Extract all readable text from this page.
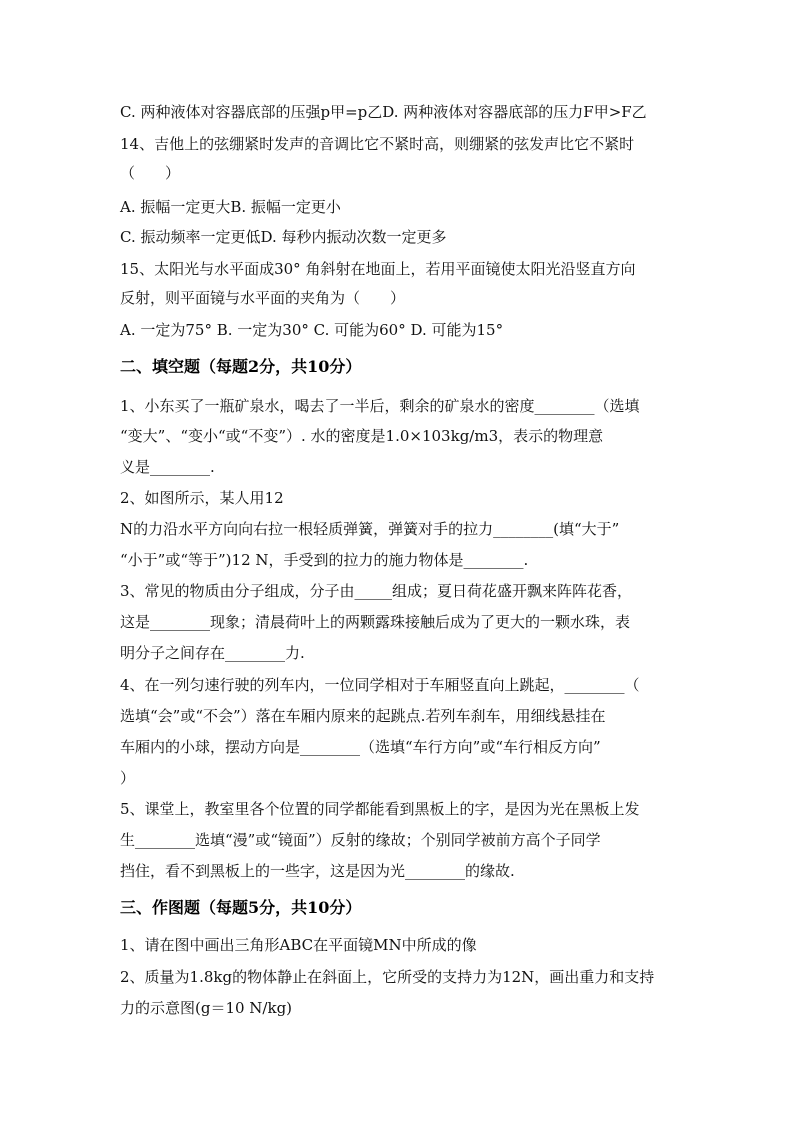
C. 两种液体对容器底部的压强p甲=p乙D. 两种液体对容器底部的压力F甲>F乙
14、吉他上的弦绷紧时发声的音调比它不紧时高，则绷紧的弦发声比它不紧时
（　　）
A. 振幅一定更大B. 振幅一定更小
C. 振动频率一定更低D. 每秒内振动次数一定更多
15、太阳光与水平面成30° 角斜射在地面上，若用平面镜使太阳光沿竖直方向
反射，则平面镜与水平面的夹角为（　　）
A. 一定为75° B. 一定为30° C. 可能为60° D. 可能为15°
二、填空题（每题2分，共10分）
1、小东买了一瓶矿泉水，喝去了一半后，剩余的矿泉水的密度________（选填
“变大”、“变小“或“不变”）. 水的密度是1.0×103kg/m3，表示的物理意
义是________.
2、如图所示，某人用12
N的力沿水平方向向右拉一根轻质弹簧，弹簧对手的拉力________(填“大于”
“小于”或“等于”)12 N，手受到的拉力的施力物体是________.
3、常见的物质由分子组成，分子由_____组成；夏日荷花盛开飘来阵阵花香，
这是________现象；清晨荷叶上的两颗露珠接触后成为了更大的一颗水珠，表
明分子之间存在________力.
4、在一列匀速行驶的列车内，一位同学相对于车厢竖直向上跳起，________（
选填“会”或“不会”）落在车厢内原来的起跳点.若列车刹车，用细线悬挂在
车厢内的小球，摆动方向是________（选填“车行方向”或“车行相反方向”
）
5、课堂上，教室里各个位置的同学都能看到黑板上的字，是因为光在黑板上发
生________选填“漫”或“镜面”）反射的缘故；个别同学被前方高个子同学
挡住，看不到黑板上的一些字，这是因为光________的缘故.
三、作图题（每题5分，共10分）
1、请在图中画出三角形ABC在平面镜MN中所成的像
2、质量为1.8kg的物体静止在斜面上，它所受的支持力为12N，画出重力和支持
力的示意图(g＝10 N/kg)
